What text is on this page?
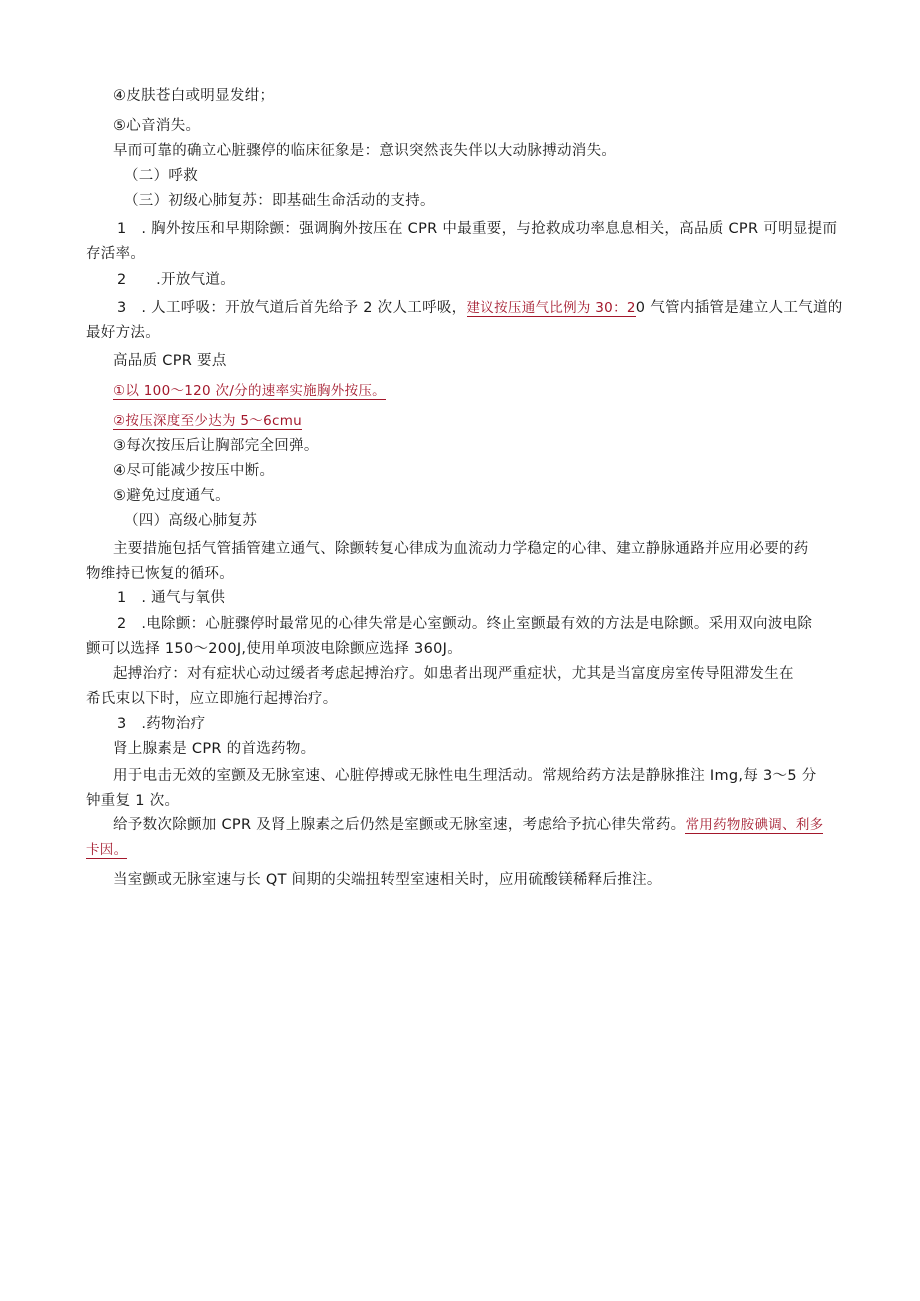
④皮肤苍白或明显发绀；
⑤心音消失。
早而可靠的确立心脏骤停的临床征象是：意识突然丧失伴以大动脉搏动消失。
（二）呼救
（三）初级心肺复苏：即基础生命活动的支持。
1　. 胸外按压和早期除颤：强调胸外按压在 CPR 中最重要，与抢救成功率息息相关，高品质 CPR 可明显提而
存活率。
2　　.开放气道。
3　. 人工呼吸：开放气道后首先给予 2 次人工呼吸，建议按压通气比例为 30：20 气管内插管是建立人工气道的
最好方法。
高品质 CPR 要点
①以 100〜120 次/分的速率实施胸外按压。
②按压深度至少达为 5〜6cmu
③每次按压后让胸部完全回弹。
④尽可能减少按压中断。
⑤避免过度通气。
（四）高级心肺复苏
主要措施包括气管插管建立通气、除颤转复心律成为血流动力学稳定的心律、建立静脉通路并应用必要的药
物维持已恢复的循环。
1　. 通气与氧供
2　.电除颤：心脏骤停时最常见的心律失常是心室颤动。终止室颤最有效的方法是电除颤。采用双向波电除
颤可以选择 150〜200J,使用单项波电除颤应选择 360J。
起搏治疗：对有症状心动过缓者考虑起搏治疗。如患者出现严重症状，尤其是当富度房室传导阻滞发生在
希氏束以下时，应立即施行起搏治疗。
3　.药物治疗
肾上腺素是 CPR 的首选药物。
用于电击无效的室颤及无脉室速、心脏停搏或无脉性电生理活动。常规给药方法是静脉推注 Img,每 3〜5 分
钟重复 1 次。
给予数次除颤加 CPR 及肾上腺素之后仍然是室颤或无脉室速，考虑给予抗心律失常药。常用药物胺碘调、利多
卡因。
当室颤或无脉室速与长 QT 间期的尖端扭转型室速相关时，应用硫酸镁稀释后推注。
